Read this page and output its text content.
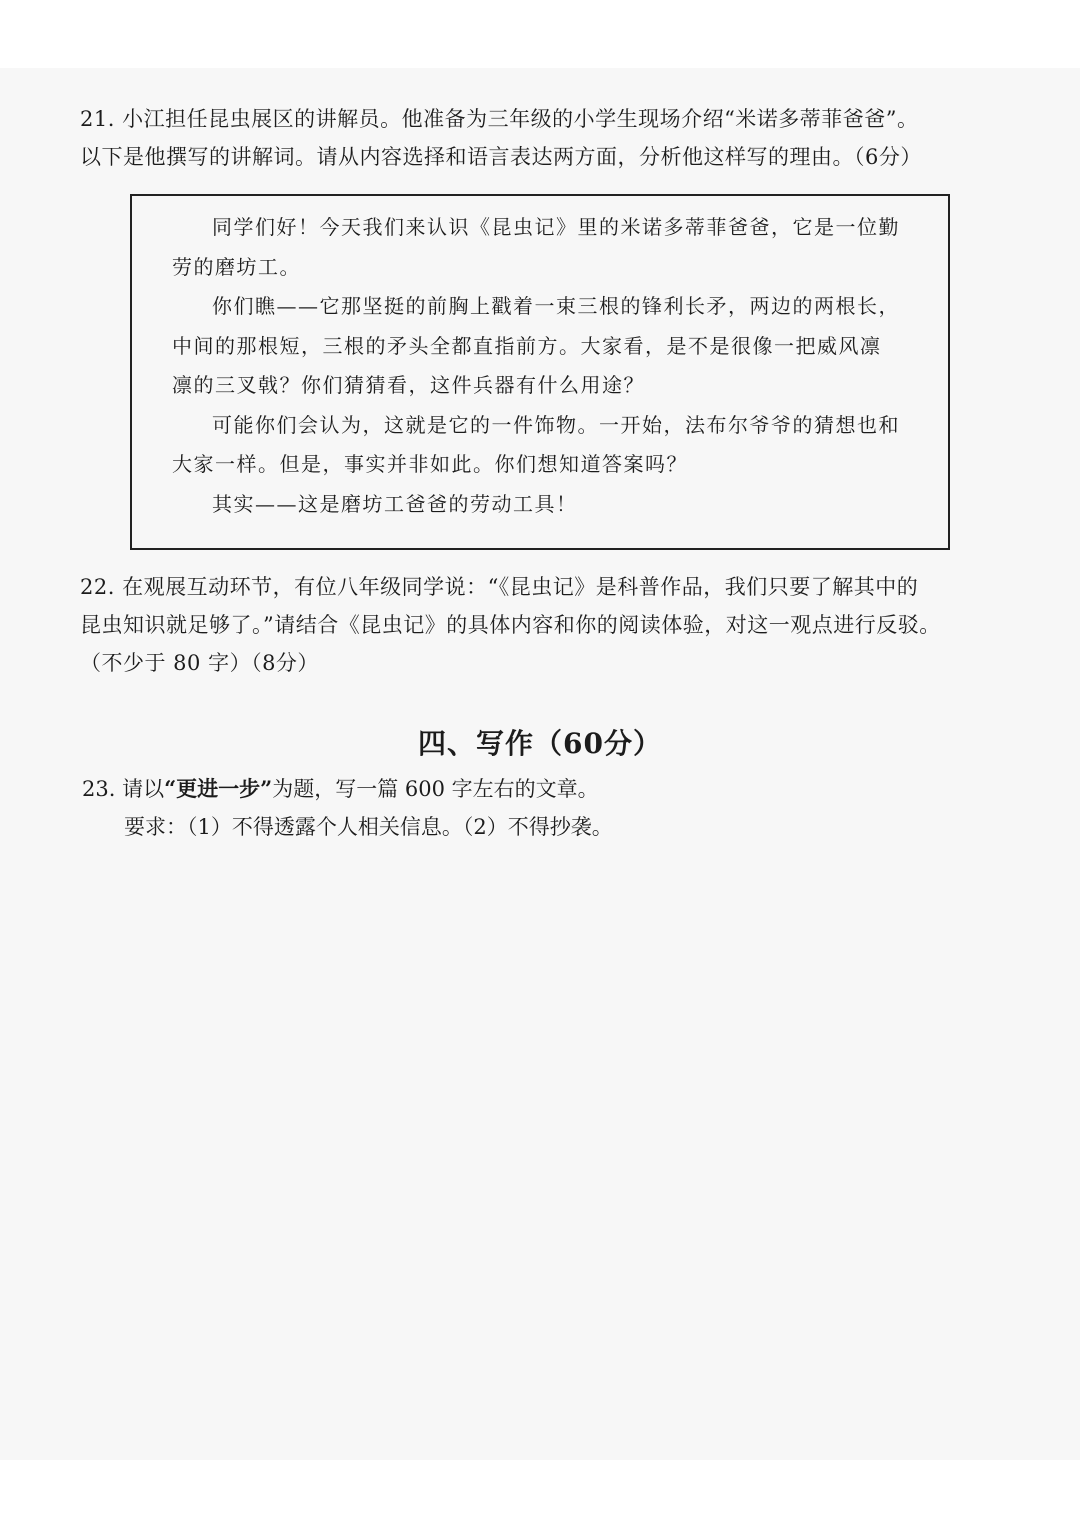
21. 小江担任昆虫展区的讲解员。他准备为三年级的小学生现场介绍“米诺多蒂菲爸爸”。

以下是他撰写的讲解词。请从内容选择和语言表达两方面，分析他这样写的理由。（6分）

同学们好！今天我们来认识《昆虫记》里的米诺多蒂菲爸爸，它是一位勤劳的磨坊工。

你们瞧——它那坚挺的前胸上戳着一束三根的锋利长矛，两边的两根长，中间的那根短，三根的矛头全都直指前方。大家看，是不是很像一把威风凛凛的三叉戟？你们猜猜看，这件兵器有什么用途？

可能你们会认为，这就是它的一件饰物。一开始，法布尔爷爷的猜想也和大家一样。但是，事实并非如此。你们想知道答案吗？

其实——这是磨坊工爸爸的劳动工具！

22. 在观展互动环节，有位八年级同学说：“《昆虫记》是科普作品，我们只要了解其中的

昆虫知识就足够了。”请结合《昆虫记》的具体内容和你的阅读体验，对这一观点进行反驳。

（不少于 80 字）（8分）

四、写作（60分）

23. 请以“更进一步”为题，写一篇 600 字左右的文章。

要求：（1）不得透露个人相关信息。（2）不得抄袭。
